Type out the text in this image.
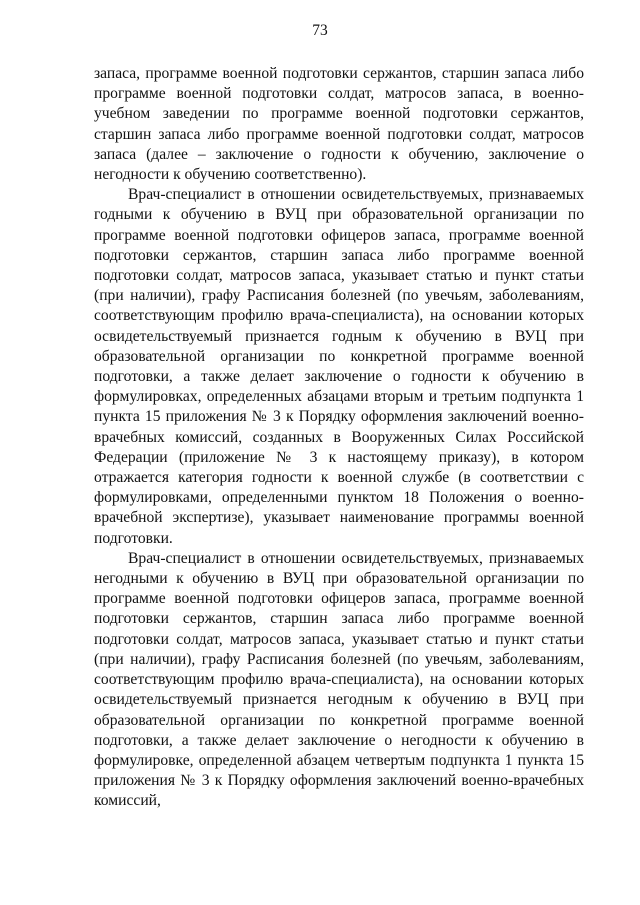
73

запаса, программе военной подготовки сержантов, старшин запаса либо программе военной подготовки солдат, матросов запаса, в военно-учебном заведении по программе военной подготовки сержантов, старшин запаса либо программе военной подготовки солдат, матросов запаса (далее – заключение о годности к обучению, заключение о негодности к обучению соответственно).

Врач-специалист в отношении освидетельствуемых, признаваемых годными к обучению в ВУЦ при образовательной организации по программе военной подготовки офицеров запаса, программе военной подготовки сержантов, старшин запаса либо программе военной подготовки солдат, матросов запаса, указывает статью и пункт статьи (при наличии), графу Расписания болезней (по увечьям, заболеваниям, соответствующим профилю врача-специалиста), на основании которых освидетельствуемый признается годным к обучению в ВУЦ при образовательной организации по конкретной программе военной подготовки, а также делает заключение о годности к обучению в формулировках, определенных абзацами вторым и третьим подпункта 1 пункта 15 приложения № 3 к Порядку оформления заключений военно-врачебных комиссий, созданных в Вооруженных Силах Российской Федерации (приложение № 3 к настоящему приказу), в котором отражается категория годности к военной службе (в соответствии с формулировками, определенными пунктом 18 Положения о военно-врачебной экспертизе), указывает наименование программы военной подготовки.

Врач-специалист в отношении освидетельствуемых, признаваемых негодными к обучению в ВУЦ при образовательной организации по программе военной подготовки офицеров запаса, программе военной подготовки сержантов, старшин запаса либо программе военной подготовки солдат, матросов запаса, указывает статью и пункт статьи (при наличии), графу Расписания болезней (по увечьям, заболеваниям, соответствующим профилю врача-специалиста), на основании которых освидетельствуемый признается негодным к обучению в ВУЦ при образовательной организации по конкретной программе военной подготовки, а также делает заключение о негодности к обучению в формулировке, определенной абзацем четвертым подпункта 1 пункта 15 приложения № 3 к Порядку оформления заключений военно-врачебных комиссий,
